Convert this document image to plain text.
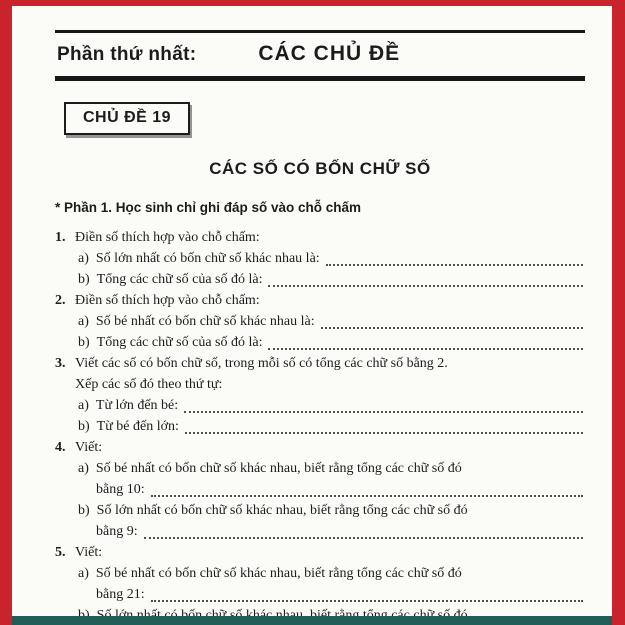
Phần thứ nhất:	CÁC CHỦ ĐỀ
CHỦ ĐỀ 19
CÁC SỐ CÓ BỐN CHỮ SỐ
* Phần 1. Học sinh chỉ ghi đáp số vào chỗ chấm
1. Điền số thích hợp vào chỗ chấm:
a) Số lớn nhất có bốn chữ số khác nhau là:
b) Tổng các chữ số của số đó là:
2. Điền số thích hợp vào chỗ chấm:
a) Số bé nhất có bốn chữ số khác nhau là:
b) Tổng các chữ số của số đó là:
3. Viết các số có bốn chữ số, trong mỗi số có tổng các chữ số bằng 2.
Xếp các số đó theo thứ tự:
a) Từ lớn đến bé:
b) Từ bé đến lớn:
4. Viết:
a) Số bé nhất có bốn chữ số khác nhau, biết rằng tổng các chữ số đó
bằng 10:
b) Số lớn nhất có bốn chữ số khác nhau, biết rằng tổng các chữ số đó
bằng 9:
5. Viết:
a) Số bé nhất có bốn chữ số khác nhau, biết rằng tổng các chữ số đó
bằng 21:
